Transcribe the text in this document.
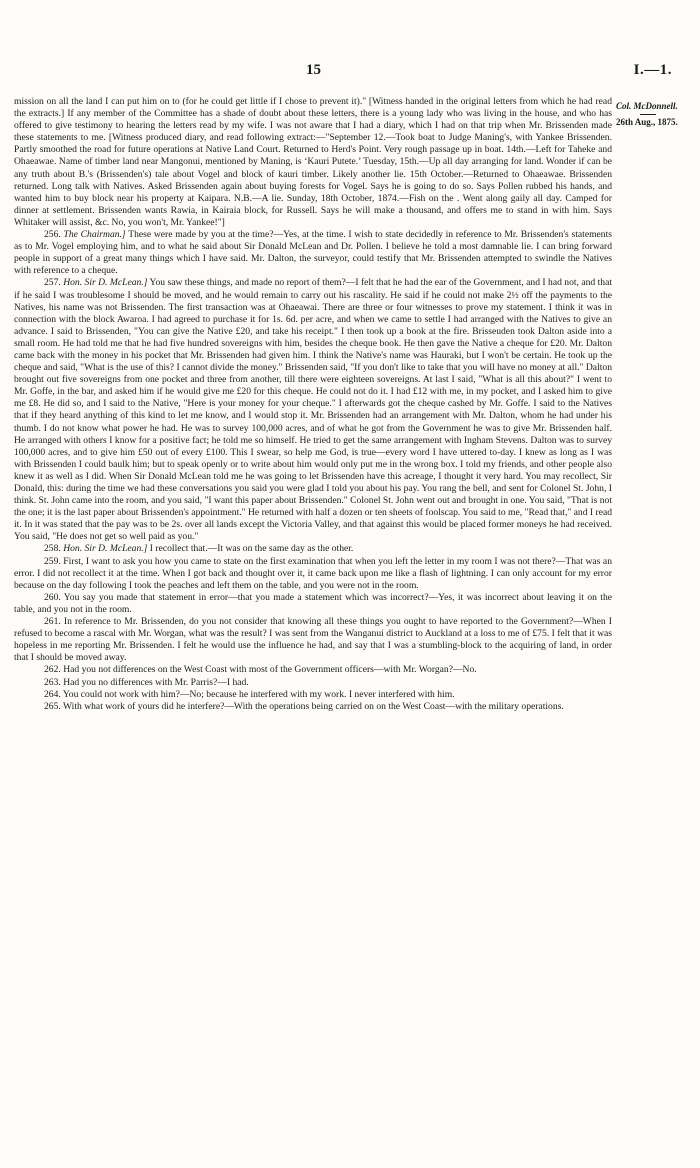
15	I.—1.
Col. McDonnell.
26th Aug., 1875.

mission on all the land I can put him on to (for he could get little if I chose to prevent it)." [Witness handed in the original letters from which he had read the extracts.] If any member of the Committee has a shade of doubt about these letters, there is a young lady who was living in the house, and who has offered to give testimony to hearing the letters read by my wife. I was not aware that I had a diary, which I had on that trip when Mr. Brissenden made these statements to me. [Witness produced diary, and read following extract:—"September 12.—Took boat to Judge Maning's, with Yankee Brissenden. Partly smoothed the road for future operations at Native Land Court. Returned to Herd's Point. Very rough passage up in boat. 14th.—Left for Taheke and Ohaeawae. Name of timber land near Mangonui, mentioned by Maning, is ‘Kauri Putete.’ Tuesday, 15th.—Up all day arranging for land. Wonder if can be any truth about B.'s (Brissenden's) tale about Vogel and block of kauri timber. Likely another lie. 15th October.—Returned to Ohaeawae. Brissenden returned. Long talk with Natives. Asked Brissenden again about buying forests for Vogel. Says he is going to do so. Says Pollen rubbed his hands, and wanted him to buy block near his property at Kaipara. N.B.—A lie. Sunday, 18th October, 1874.—Fish on the . Went along gaily all day. Camped for dinner at settlement. Brissenden wants Rawia, in Kairaia block, for Russell. Says he will make a thousand, and offers me to stand in with him. Says Whitaker will assist, &c. No, you won't, Mr. Yankee!"]

256. The Chairman.] These were made by you at the time?—Yes, at the time. I wish to state decidedly in reference to Mr. Brissenden's statements as to Mr. Vogel employing him, and to what he said about Sir Donald McLean and Dr. Pollen. I believe he told a most damnable lie. I can bring forward people in support of a great many things which I have said. Mr. Dalton, the surveyor, could testify that Mr. Brissenden attempted to swindle the Natives with reference to a cheque.

257. Hon. Sir D. McLean.] You saw these things, and made no report of them?—I felt that he had the ear of the Government, and I had not, and that if he said I was troublesome I should be moved, and he would remain to carry out his rascality. He said if he could not make 2½ off the payments to the Natives, his name was not Brissenden. The first transaction was at Ohaeawai. There are three or four witnesses to prove my statement. I think it was in connection with the block Awaroa. I had agreed to purchase it for 1s. 6d. per acre, and when we came to settle I had arranged with the Natives to give an advance. I said to Brissenden, "You can give the Native £20, and take his receipt." I then took up a book at the fire. Brisseuden took Dalton aside into a small room. He had told me that he had five hundred sovereigns with him, besides the cheque book. He then gave the Native a cheque for £20. Mr. Dalton came back with the money in his pocket that Mr. Brissenden had given him. I think the Native's name was Hauraki, but I won't be certain. He took up the cheque and said, "What is the use of this? I cannot divide the money." Brissenden said, "If you don't like to take that you will have no money at all." Dalton brought out five sovereigns from one pocket and three from another, till there were eighteen sovereigns. At last I said, "What is all this about?" I went to Mr. Goffe, in the bar, and asked him if he would give me £20 for this cheque. He could not do it. I had £12 with me, in my pocket, and I asked him to give me £8. He did so, and I said to the Native, "Here is your money for your cheque." I afterwards got the cheque cashed by Mr. Goffe. I said to the Natives that if they heard anything of this kind to let me know, and I would stop it. Mr. Brissenden had an arrangement with Mr. Dalton, whom he had under his thumb. I do not know what power he had. He was to survey 100,000 acres, and of what he got from the Government he was to give Mr. Brissenden half. He arranged with others I know for a positive fact; he told me so himself. He tried to get the same arrangement with Ingham Stevens. Dalton was to survey 100,000 acres, and to give him £50 out of every £100. This I swear, so help me God, is true—every word I have uttered to-day. I knew as long as I was with Brissenden I could baulk him; but to speak openly or to write about him would only put me in the wrong box. I told my friends, and other people also knew it as well as I did. When Sir Donald McLean told me he was going to let Brissenden have this acreage, I thought it very hard. You may recollect, Sir Donald, this: during the time we had these conversations you said you were glad I told you about his pay. You rang the bell, and sent for Colonel St. John, I think. St. John came into the room, and you said, "I want this paper about Brissenden." Colonel St. John went out and brought in one. You said, "That is not the one; it is the last paper about Brissenden's appointment." He returned with half a dozen or ten sheets of foolscap. You said to me, "Read that," and I read it. In it was stated that the pay was to be 2s. over all lands except the Victoria Valley, and that against this would be placed former moneys he had received. You said, "He does not get so well paid as you."

258. Hon. Sir D. McLean.] I recollect that.—It was on the same day as the other.

259. First, I want to ask you how you came to state on the first examination that when you left the letter in my room I was not there?—That was an error. I did not recollect it at the time. When I got back and thought over it, it came back upon me like a flash of lightning. I can only account for my error because on the day following I took the peaches and left them on the table, and you were not in the room.

260. You say you made that statement in error—that you made a statement which was incorrect?—Yes, it was incorrect about leaving it on the table, and you not in the room.

261. In reference to Mr. Brissenden, do you not consider that knowing all these things you ought to have reported to the Government?—When I refused to become a rascal with Mr. Worgan, what was the result? I was sent from the Wanganui district to Auckland at a loss to me of £75. I felt that it was hopeless in me reporting Mr. Brissenden. I felt he would use the influence he had, and say that I was a stumbling-block to the acquiring of land, in order that I should be moved away.

262. Had you not differences on the West Coast with most of the Government officers—with Mr. Worgan?—No.

263. Had you no differences with Mr. Parris?—I had.

264. You could not work with him?—No; because he interfered with my work. I never interfered with him.

265. With what work of yours did he interfere?—With the operations being carried on on the West Coast—with the military operations.
